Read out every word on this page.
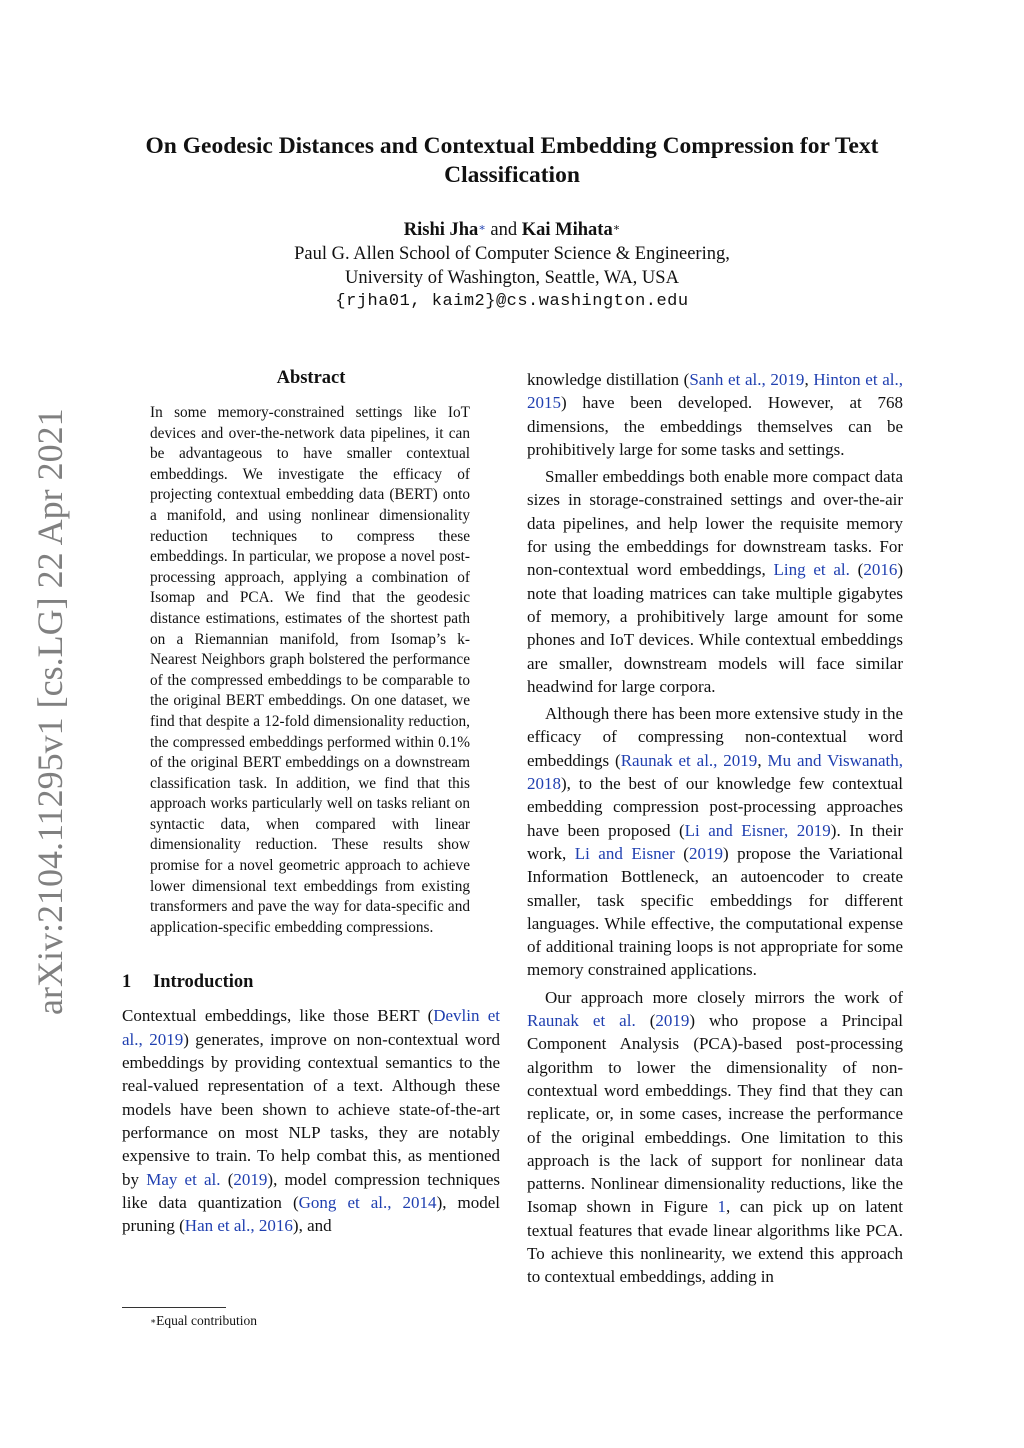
arXiv:2104.11295v1 [cs.LG] 22 Apr 2021
On Geodesic Distances and Contextual Embedding Compression for Text Classification
Rishi Jha∗ and Kai Mihata∗
Paul G. Allen School of Computer Science & Engineering,
University of Washington, Seattle, WA, USA
{rjha01, kaim2}@cs.washington.edu
Abstract

In some memory-constrained settings like IoT devices and over-the-network data pipelines, it can be advantageous to have smaller contextual embeddings. We investigate the efficacy of projecting contextual embedding data (BERT) onto a manifold, and using nonlinear dimensionality reduction techniques to compress these embeddings. In particular, we propose a novel post-processing approach, applying a combination of Isomap and PCA. We find that the geodesic distance estimations, estimates of the shortest path on a Riemannian manifold, from Isomap’s k-Nearest Neighbors graph bolstered the performance of the compressed embeddings to be comparable to the original BERT embeddings. On one dataset, we find that despite a 12-fold dimensionality reduction, the compressed embeddings performed within 0.1% of the original BERT embeddings on a downstream classification task. In addition, we find that this approach works particularly well on tasks reliant on syntactic data, when compared with linear dimensionality reduction. These results show promise for a novel geometric approach to achieve lower dimensional text embeddings from existing transformers and pave the way for data-specific and application-specific embedding compressions.

1 Introduction

Contextual embeddings, like those BERT (Devlin et al., 2019) generates, improve on non-contextual word embeddings by providing contextual semantics to the real-valued representation of a text. Although these models have been shown to achieve state-of-the-art performance on most NLP tasks, they are notably expensive to train. To help combat this, as mentioned by May et al. (2019), model compression techniques like data quantization (Gong et al., 2014), model pruning (Han et al., 2016), and

∗Equal contribution

knowledge distillation (Sanh et al., 2019, Hinton et al., 2015) have been developed. However, at 768 dimensions, the embeddings themselves can be prohibitively large for some tasks and settings.

Smaller embeddings both enable more compact data sizes in storage-constrained settings and over-the-air data pipelines, and help lower the requisite memory for using the embeddings for downstream tasks. For non-contextual word embeddings, Ling et al. (2016) note that loading matrices can take multiple gigabytes of memory, a prohibitively large amount for some phones and IoT devices. While contextual embeddings are smaller, downstream models will face similar headwind for large corpora.

Although there has been more extensive study in the efficacy of compressing non-contextual word embeddings (Raunak et al., 2019, Mu and Viswanath, 2018), to the best of our knowledge few contextual embedding compression post-processing approaches have been proposed (Li and Eisner, 2019). In their work, Li and Eisner (2019) propose the Variational Information Bottleneck, an autoencoder to create smaller, task specific embeddings for different languages. While effective, the computational expense of additional training loops is not appropriate for some memory constrained applications.

Our approach more closely mirrors the work of Raunak et al. (2019) who propose a Principal Component Analysis (PCA)-based post-processing algorithm to lower the dimensionality of non-contextual word embeddings. They find that they can replicate, or, in some cases, increase the performance of the original embeddings. One limitation to this approach is the lack of support for nonlinear data patterns. Nonlinear dimensionality reductions, like the Isomap shown in Figure 1, can pick up on latent textual features that evade linear algorithms like PCA. To achieve this nonlinearity, we extend this approach to contextual embeddings, adding in
